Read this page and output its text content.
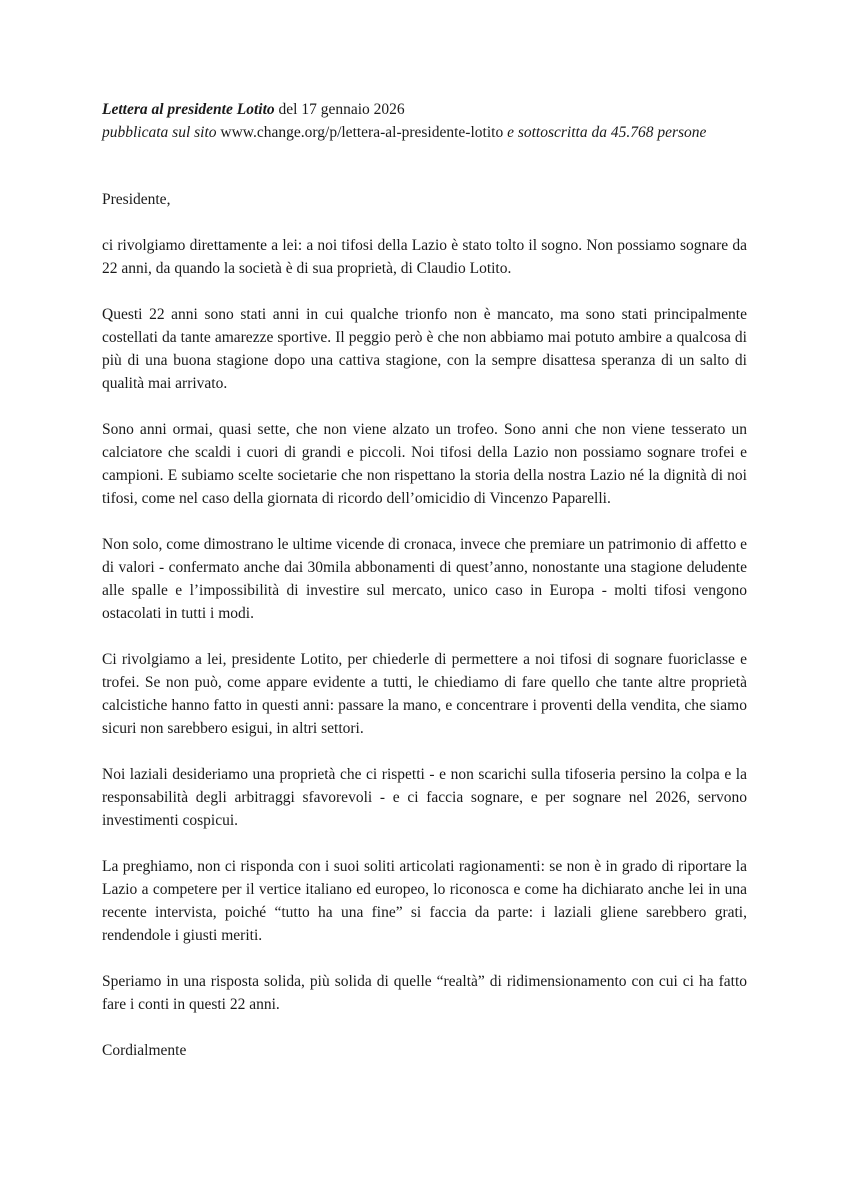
Lettera al presidente Lotito del 17 gennaio 2026

pubblicata sul sito www.change.org/p/lettera-al-presidente-lotito e sottoscritta da 45.768 persone

Presidente,

ci rivolgiamo direttamente a lei: a noi tifosi della Lazio è stato tolto il sogno. Non possiamo sognare da 22 anni, da quando la società è di sua proprietà, di Claudio Lotito.

Questi 22 anni sono stati anni in cui qualche trionfo non è mancato, ma sono stati principalmente costellati da tante amarezze sportive. Il peggio però è che non abbiamo mai potuto ambire a qualcosa di più di una buona stagione dopo una cattiva stagione, con la sempre disattesa speranza di un salto di qualità mai arrivato.

Sono anni ormai, quasi sette, che non viene alzato un trofeo. Sono anni che non viene tesserato un calciatore che scaldi i cuori di grandi e piccoli. Noi tifosi della Lazio non possiamo sognare trofei e campioni. E subiamo scelte societarie che non rispettano la storia della nostra Lazio né la dignità di noi tifosi, come nel caso della giornata di ricordo dell’omicidio di Vincenzo Paparelli.

Non solo, come dimostrano le ultime vicende di cronaca, invece che premiare un patrimonio di affetto e di valori - confermato anche dai 30mila abbonamenti di quest’anno, nonostante una stagione deludente alle spalle e l’impossibilità di investire sul mercato, unico caso in Europa - molti tifosi vengono ostacolati in tutti i modi.

Ci rivolgiamo a lei, presidente Lotito, per chiederle di permettere a noi tifosi di sognare fuoriclasse e trofei. Se non può, come appare evidente a tutti, le chiediamo di fare quello che tante altre proprietà calcistiche hanno fatto in questi anni: passare la mano, e concentrare i proventi della vendita, che siamo sicuri non sarebbero esigui, in altri settori.

Noi laziali desideriamo una proprietà che ci rispetti - e non scarichi sulla tifoseria persino la colpa e la responsabilità degli arbitraggi sfavorevoli - e ci faccia sognare, e per sognare nel 2026, servono investimenti cospicui.

La preghiamo, non ci risponda con i suoi soliti articolati ragionamenti: se non è in grado di riportare la Lazio a competere per il vertice italiano ed europeo, lo riconosca e come ha dichiarato anche lei in una recente intervista, poiché “tutto ha una fine” si faccia da parte: i laziali gliene sarebbero grati, rendendole i giusti meriti.

Speriamo in una risposta solida, più solida di quelle “realtà” di ridimensionamento con cui ci ha fatto fare i conti in questi 22 anni.

Cordialmente
